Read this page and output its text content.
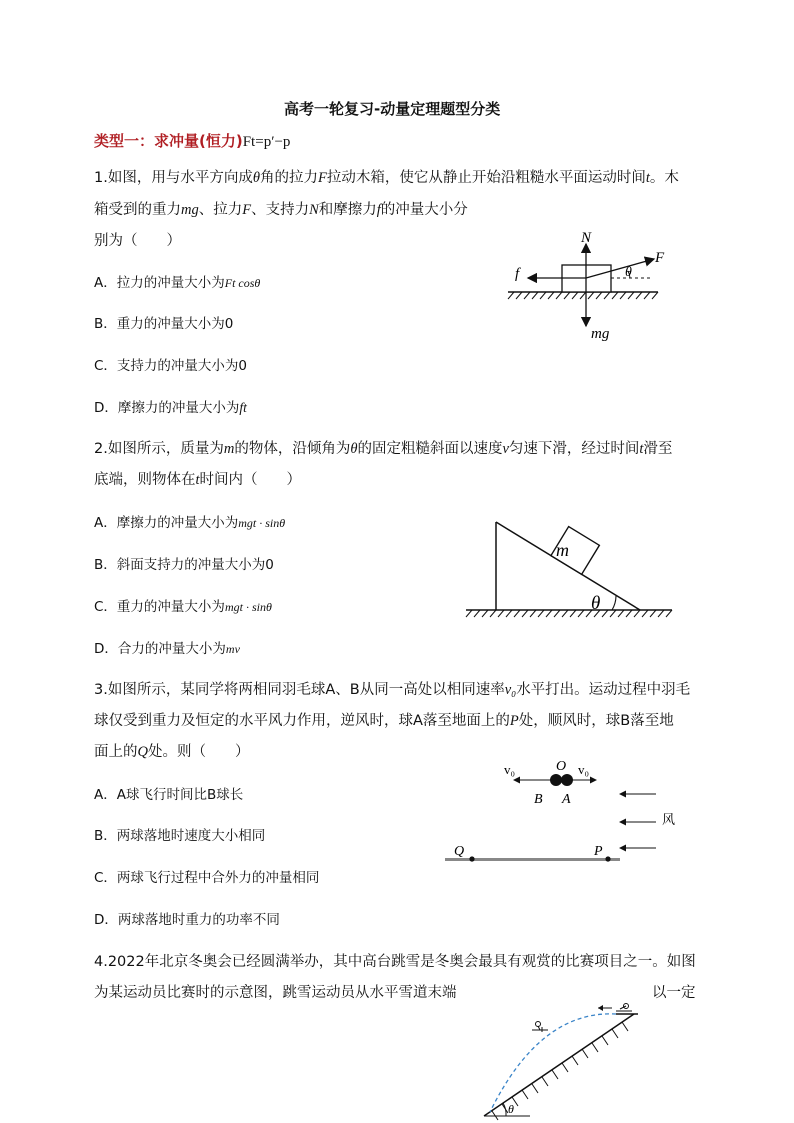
高考一轮复习-动量定理题型分类
类型一：求冲量(恒力)Ft=p′−p
1.如图，用与水平方向成θ角的拉力F拉动木箱，使它从静止开始沿粗糙水平面运动时间t。木
箱受到的重力mg、拉力F、支持力N和摩擦力f的冲量大小分
别为（　　）
A．拉力的冲量大小为Ft cosθ
B．重力的冲量大小为0
C．支持力的冲量大小为0
D．摩擦力的冲量大小为ft
N
F
f	θ
mg
2.如图所示，质量为m的物体，沿倾角为θ的固定粗糙斜面以速度v匀速下滑，经过时间t滑至
底端，则物体在t时间内（　　）
A．摩擦力的冲量大小为mgt · sinθ
B．斜面支持力的冲量大小为0
C．重力的冲量大小为mgt · sinθ
D．合力的冲量大小为mv
m
θ
3.如图所示，某同学将两相同羽毛球A、B从同一高处以相同速率v₀水平打出。运动过程中羽毛
球仅受到重力及恒定的水平风力作用，逆风时，球A落至地面上的P处，顺风时，球B落至地
面上的Q处。则（　　）
A．A球飞行时间比B球长
B．两球落地时速度大小相同
C．两球飞行过程中合外力的冲量相同
D．两球落地时重力的功率不同
v₀	v₀
O
B A
风
Q	P
4.2022年北京冬奥会已经圆满举办，其中高台跳雪是冬奥会最具有观赏的比赛项目之一。如图
为某运动员比赛时的示意图，跳雪运动员从水平雪道末端	以一定
θ
